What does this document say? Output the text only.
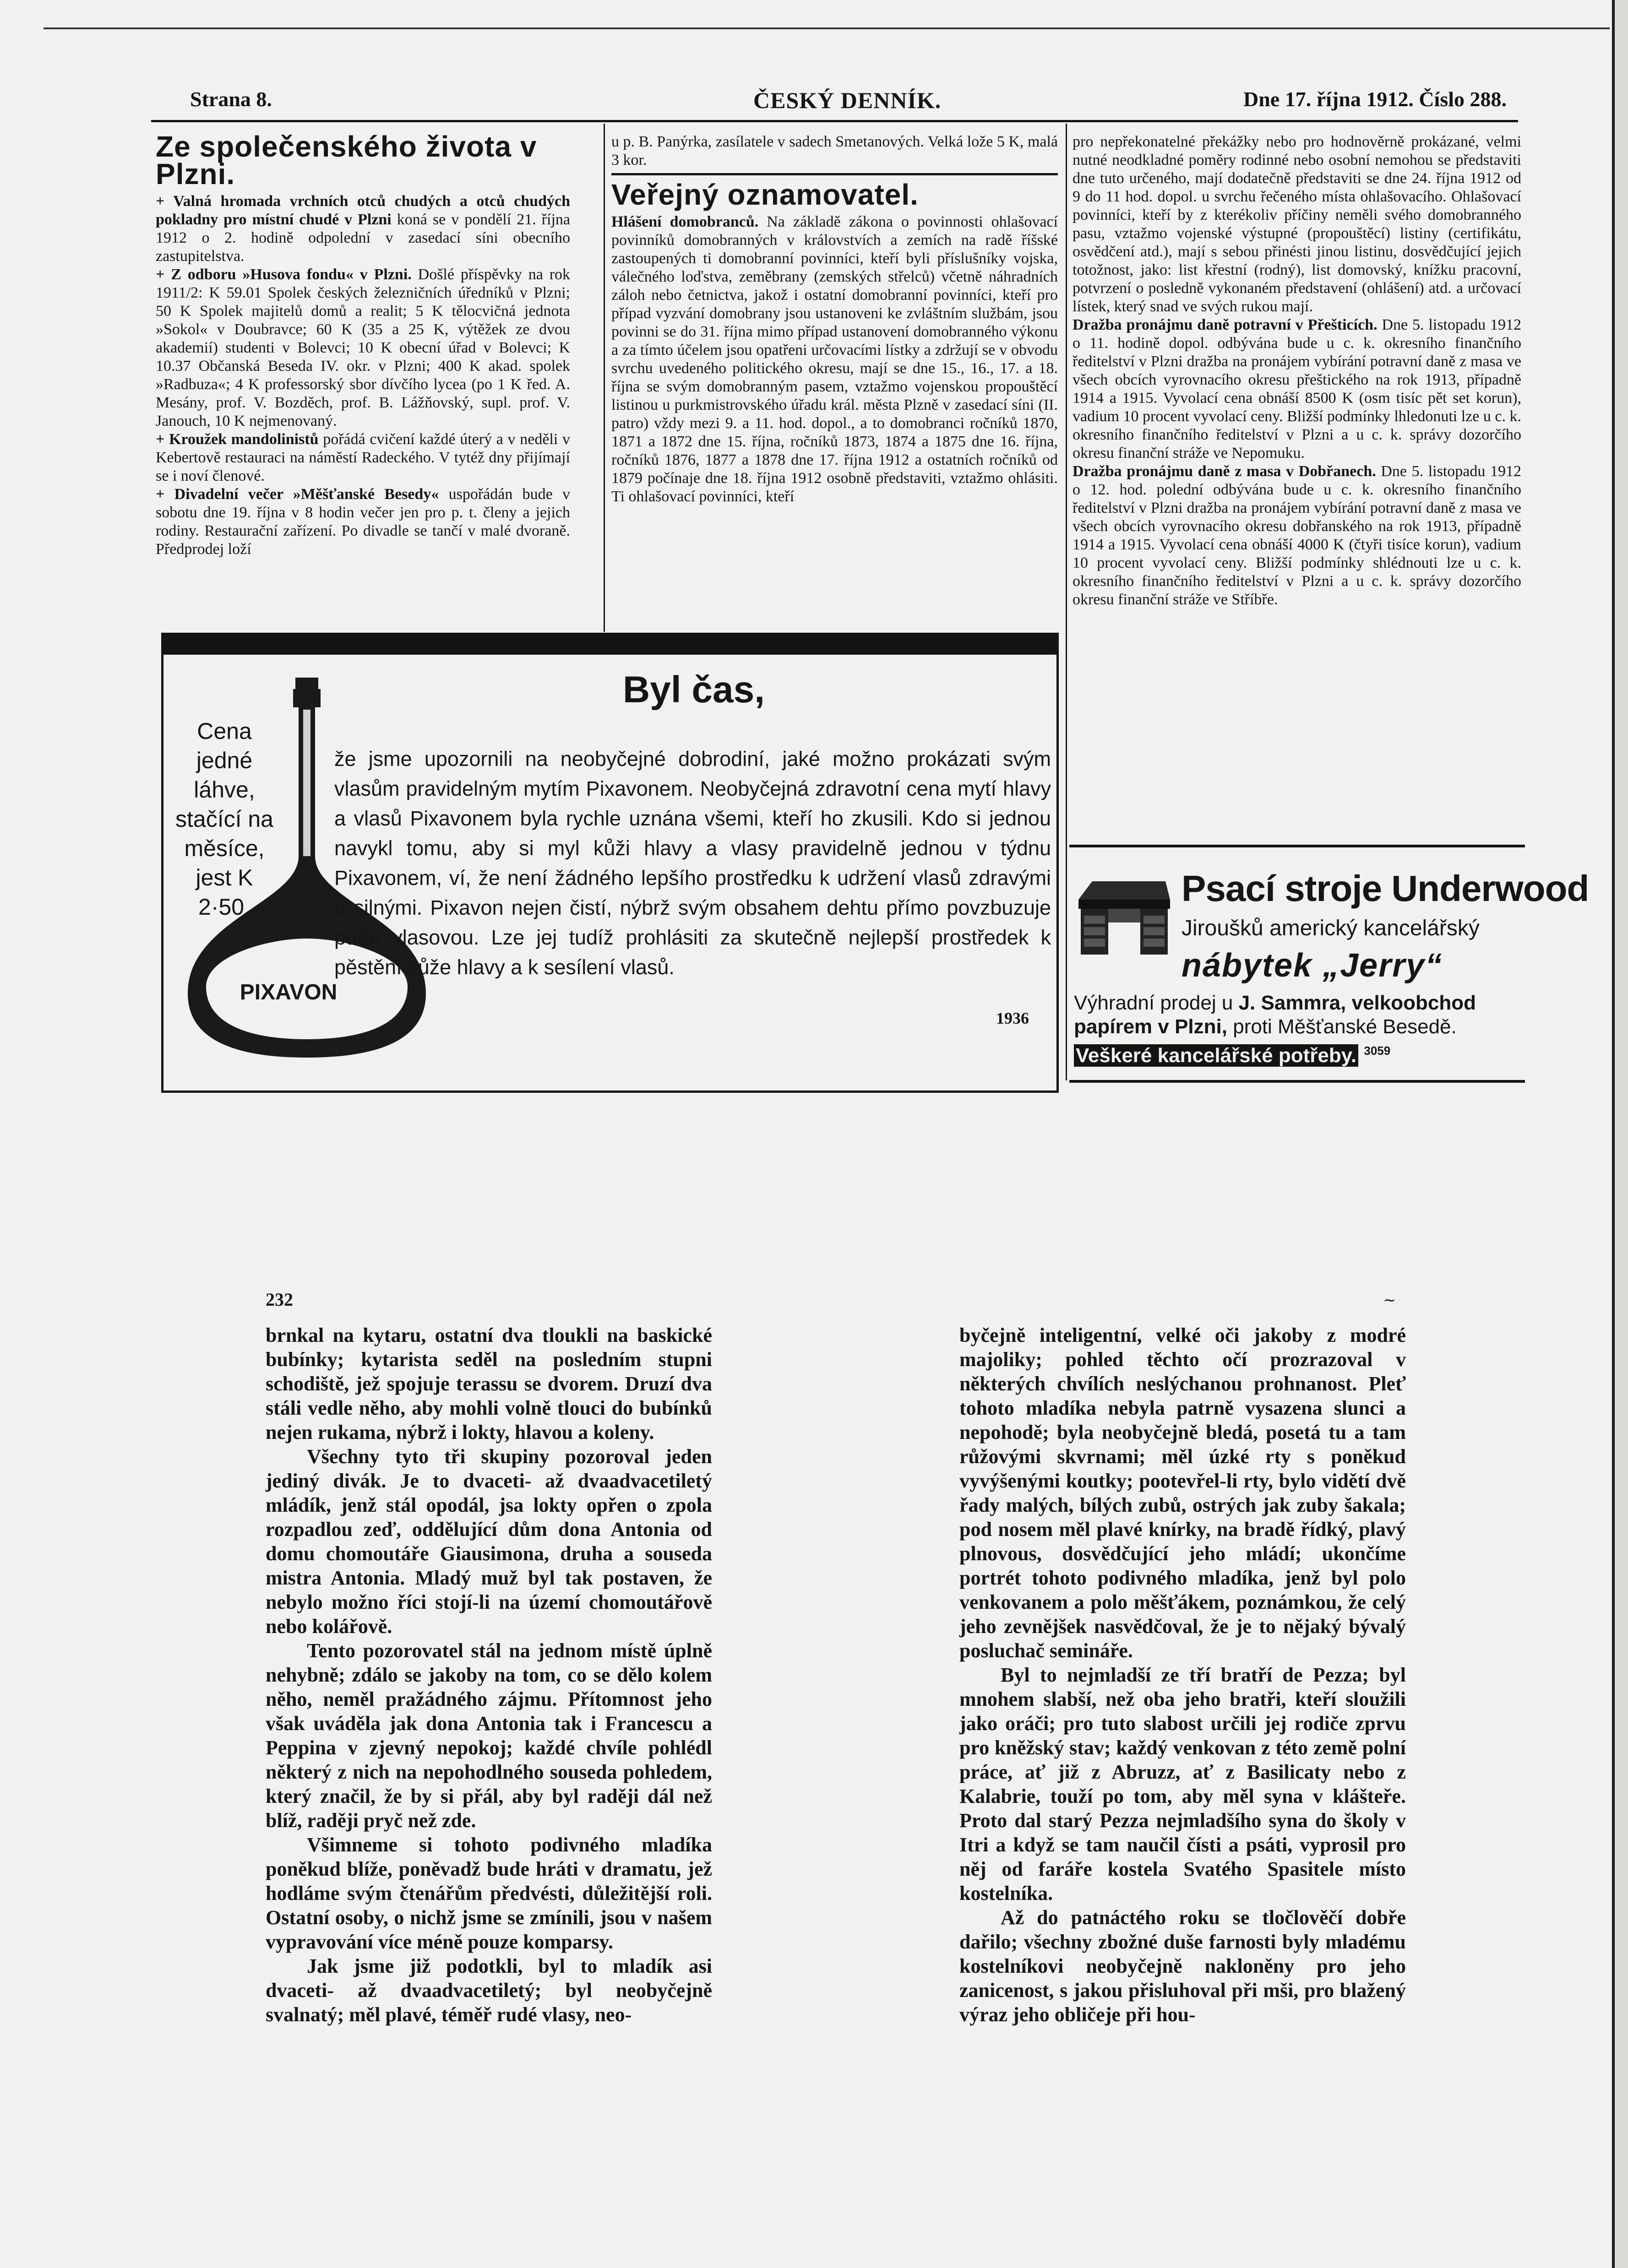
Strana 8.	ČESKÝ DENNÍK.	Dne 17. října 1912. Číslo 288.

Ze společenského života v Plzni.

+ Valná hromada vrchních otců chudých a otců chudých pokladny pro místní chudé v Plzni koná se v pondělí 21. října 1912 o 2. hodině odpolední v zasedací síni obecního zastupitelstva.

+ Z odboru »Husova fondu« v Plzni. Došlé příspěvky na rok 1911/2: K 59.01 Spolek českých železničních úředníků v Plzni; 50 K Spolek majitelů domů a realit; 5 K tělocvičná jednota »Sokol« v Doubravce; 60 K (35 a 25 K, výtěžek ze dvou akademií) studenti v Bolevci; 10 K obecní úřad v Bolevci; K 10.37 Občanská Beseda IV. okr. v Plzni; 400 K akad. spolek »Radbuza«; 4 K professorský sbor dívčího lycea (po 1 K řed. A. Mesány, prof. V. Bozděch, prof. B. Lážňovský, supl. prof. V. Janouch, 10 K nejmenovaný.

+ Kroužek mandolinistů pořádá cvičení každé úterý a v neděli v Kebertově restauraci na náměstí Radeckého. V tytéž dny přijímají se i noví členové.

+ Divadelní večer »Měšťanské Besedy« uspořádán bude v sobotu dne 19. října v 8 hodin večer jen pro p. t. členy a jejich rodiny. Restaurační zařízení. Po divadle se tančí v malé dvoraně. Předprodej loží

u p. B. Panýrka, zasílatele v sadech Smetanových. Velká lože 5 K, malá 3 kor.

Veřejný oznamovatel.

Hlášení domobranců. Na základě zákona o povinnosti ohlašovací povinníků domobranných v královstvích a zemích na radě říšské zastoupených ti domobranní povinníci, kteří byli příslušníky vojska, válečného loďstva, zeměbrany (zemských střelců) včetně náhradních záloh nebo četnictva, jakož i ostatní domobranní povinníci, kteří pro případ vyzvání domobrany jsou ustanoveni ke zvláštním službám, jsou povinni se do 31. října mimo případ ustanovení domobranného výkonu a za tímto účelem jsou opatřeni určovacími lístky a zdržují se v obvodu svrchu uvedeného politického okresu, mají se dne 15., 16., 17. a 18. října se svým domobranným pasem, vztažmo vojenskou propouštěcí listinou u purkmistrovského úřadu král. města Plzně v zasedací síni (II. patro) vždy mezi 9. a 11. hod. dopol., a to domobranci ročníků 1870, 1871 a 1872 dne 15. října, ročníků 1873, 1874 a 1875 dne 16. října, ročníků 1876, 1877 a 1878 dne 17. října 1912 a ostatních ročníků od 1879 počínaje dne 18. října 1912 osobně představiti, vztažmo ohlásiti. Ti ohlašovací povinníci, kteří

pro nepřekonatelné překážky nebo pro hodnověrně prokázané, velmi nutné neodkladné poměry rodinné nebo osobní nemohou se představiti dne tuto určeného, mají dodatečně představiti se dne 24. října 1912 od 9 do 11 hod. dopol. u svrchu řečeného místa ohlašovacího. Ohlašovací povinníci, kteří by z kterékoliv příčiny neměli svého domobranného pasu, vztažmo vojenské výstupné (propouštěcí) listiny (certifikátu, osvědčení atd.), mají s sebou přinésti jinou listinu, dosvědčující jejich totožnost, jako: list křestní (rodný), list domovský, knížku pracovní, potvrzení o posledně vykonaném představení (ohlášení) atd. a určovací lístek, který snad ve svých rukou mají.

Dražba pronájmu daně potravní v Přešticích. Dne 5. listopadu 1912 o 11. hodině dopol. odbývána bude u c. k. okresního finančního ředitelství v Plzni dražba na pronájem vybírání potravní daně z masa ve všech obcích vyrovnacího okresu přeštického na rok 1913, případně 1914 a 1915. Vyvolací cena obnáší 8500 K (osm tisíc pět set korun), vadium 10 procent vyvolací ceny. Bližší podmínky lhledonuti lze u c. k. okresního finančního ředitelství v Plzni a u c. k. správy dozorčího okresu finanční stráže ve Nepomuku.

Dražba pronájmu daně z masa v Dobřanech. Dne 5. listopadu 1912 o 12. hod. polední odbývána bude u c. k. okresního finančního ředitelství v Plzni dražba na pronájem vybírání potravní daně z masa ve všech obcích vyrovnacího okresu dobřanského na rok 1913, případně 1914 a 1915. Vyvolací cena obnáší 4000 K (čtyři tisíce korun), vadium 10 procent vyvolací ceny. Bližší podmínky shlédnouti lze u c. k. okresního finančního ředitelství v Plzni a u c. k. správy dozorčího okresu finanční stráže ve Stříbře.

PIXAVON
Byl čas,
Cena jedné láhve, stačící na měsíce, jest K 2·50.

že jsme upozornili na neobyčejné dobrodiní, jaké možno prokázati svým vlasům pravidelným mytím Pixavonem. Neobyčejná zdravotní cena mytí hlavy a vlasů Pixavonem byla rychle uznána všemi, kteří ho zkusili. Kdo si jednou navykl tomu, aby si myl kůži hlavy a vlasy pravidelně jednou v týdnu Pixavonem, ví, že není žádného lepšího prostředku k udržení vlasů zdravými a silnými. Pixavon nejen čistí, nýbrž svým obsahem dehtu přímo povzbuzuje půdu vlasovou. Lze jej tudíž prohlásiti za skutečně nejlepší prostředek k pěstění kůže hlavy a k sesílení vlasů.

1936
Psací stroje Underwood
Jiroušků americký kancelářský
nábytek „Jerry“
Výhradní prodej u J. Sammra, velkoobchod papírem v Plzni, proti Měšťanské Besedě. Veškeré kancelářské potřeby. $^{3059}$
232	~

brnkal na kytaru, ostatní dva tloukli na baskické bubínky; kytarista seděl na posledním stupni schodiště, jež spojuje terassu se dvorem. Druzí dva stáli vedle něho, aby mohli volně tlouci do bubínků nejen rukama, nýbrž i lokty, hlavou a koleny.

Všechny tyto tři skupiny pozoroval jeden jediný divák. Je to dvaceti- až dvaadvacetiletý mládík, jenž stál opodál, jsa lokty opřen o zpola rozpadlou zeď, oddělující dům dona Antonia od domu chomoutáře Giausimona, druha a souseda mistra Antonia. Mladý muž byl tak postaven, že nebylo možno říci stojí-li na území chomoutářově nebo kolářově.

Tento pozorovatel stál na jednom místě úplně nehybně; zdálo se jakoby na tom, co se dělo kolem něho, neměl pražádného zájmu. Přítomnost jeho však uváděla jak dona Antonia tak i Francescu a Peppina v zjevný nepokoj; každé chvíle pohlédl některý z nich na nepohodlného souseda pohledem, který značil, že by si přál, aby byl raději dál než blíž, raději pryč než zde.

Všimneme si tohoto podivného mladíka poněkud blíže, poněvadž bude hráti v dramatu, jež hodláme svým čtenářům předvésti, důležitější roli. Ostatní osoby, o nichž jsme se zmínili, jsou v našem vypravování více méně pouze komparsy.

Jak jsme již podotkli, byl to mladík asi dvaceti- až dvaadvacetiletý; byl neobyčejně svalnatý; měl plavé, téměř rudé vlasy, neo-

byčejně inteligentní, velké oči jakoby z modré majoliky; pohled těchto očí prozrazoval v některých chvílích neslýchanou prohnanost. Pleť tohoto mladíka nebyla patrně vysazena slunci a nepohodě; byla neobyčejně bledá, posetá tu a tam růžovými skvrnami; měl úzké rty s poněkud vyvýšenými koutky; pootevřel-li rty, bylo vidětí dvě řady malých, bílých zubů, ostrých jak zuby šakala; pod nosem měl plavé knírky, na bradě řídký, plavý plnovous, dosvědčující jeho mládí; ukončíme portrét tohoto podivného mladíka, jenž byl polo venkovanem a polo měšťákem, poznámkou, že celý jeho zevnějšek nasvědčoval, že je to nějaký bývalý posluchač semináře.

Byl to nejmladší ze tří bratří de Pezza; byl mnohem slabší, než oba jeho bratři, kteří sloužili jako oráči; pro tuto slabost určili jej rodiče zprvu pro kněžský stav; každý venkovan z této země polní práce, ať již z Abruzz, ať z Basilicaty nebo z Kalabrie, touží po tom, aby měl syna v klášteře. Proto dal starý Pezza nejmladšího syna do školy v Itri a když se tam naučil čísti a psáti, vyprosil pro něj od faráře kostela Svatého Spasitele místo kostelníka.

Až do patnáctého roku se tločlověčí dobře dařilo; všechny zbožné duše farnosti byly mladému kostelníkovi neobyčejně nakloněny pro jeho zanicenost, s jakou přisluhoval při mši, pro blažený výraz jeho obličeje při hou-
